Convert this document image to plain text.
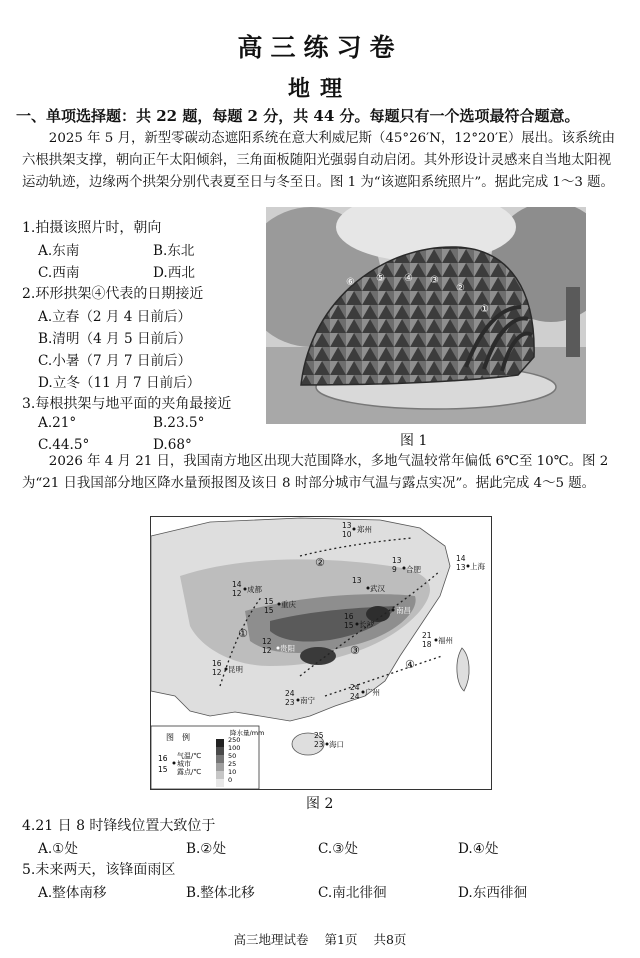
高三练习卷
地理
一、单项选择题：共 22 题，每题 2 分，共 44 分。每题只有一个选项最符合题意。
2025 年 5 月，新型零碳动态遮阳系统在意大利威尼斯（45°26′N，12°20′E）展出。该系统由六根拱架支撑，朝向正午太阳倾斜，三角面板随阳光强弱自动启闭。其外形设计灵感来自当地太阳视运动轨迹，边缘两个拱架分别代表夏至日与冬至日。图 1 为“该遮阳系统照片”。据此完成 1～3 题。
1.拍摄该照片时，朝向
A.东南	B.东北
C.西南	D.西北
2.环形拱架④代表的日期接近
A.立春（2 月 4 日前后）
B.清明（4 月 5 日前后）
C.小暑（7 月 7 日前后）
D.立冬（11 月 7 日前后）
3.每根拱架与地平面的夹角最接近
A.21°	B.23.5°
C.44.5°	D.68°
⑥ ⑤ ④ ③
②
①
图 1
2026 年 4 月 21 日，我国南方地区出现大范围降水，多地气温较常年偏低 6℃至 10℃。图 2 为“21 日我国部分地区降水量预报图及该日 8 时部分城市气温与露点实况”。据此完成 4～5 题。
①
②
③
④
13
10
郑州
13
9 合肥
14
13 上海
14
12 成都
13
武汉
15
15
重庆
16
15 长沙
南昌
12
12 贵阳
21
18 福州
16
12 昆明
24
24 广州
24
23 南宁
25
23 海口
图　例
16
15
气温/℃
城市
露点/℃
降水量/mm
250
100
50
25
10
0
图 2
4.21 日 8 时锋线位置大致位于
A.①处	B.②处	C.③处	D.④处
5.未来两天，该锋面雨区
A.整体南移	B.整体北移	C.南北徘徊	D.东西徘徊
高三地理试卷 第1页 共8页
